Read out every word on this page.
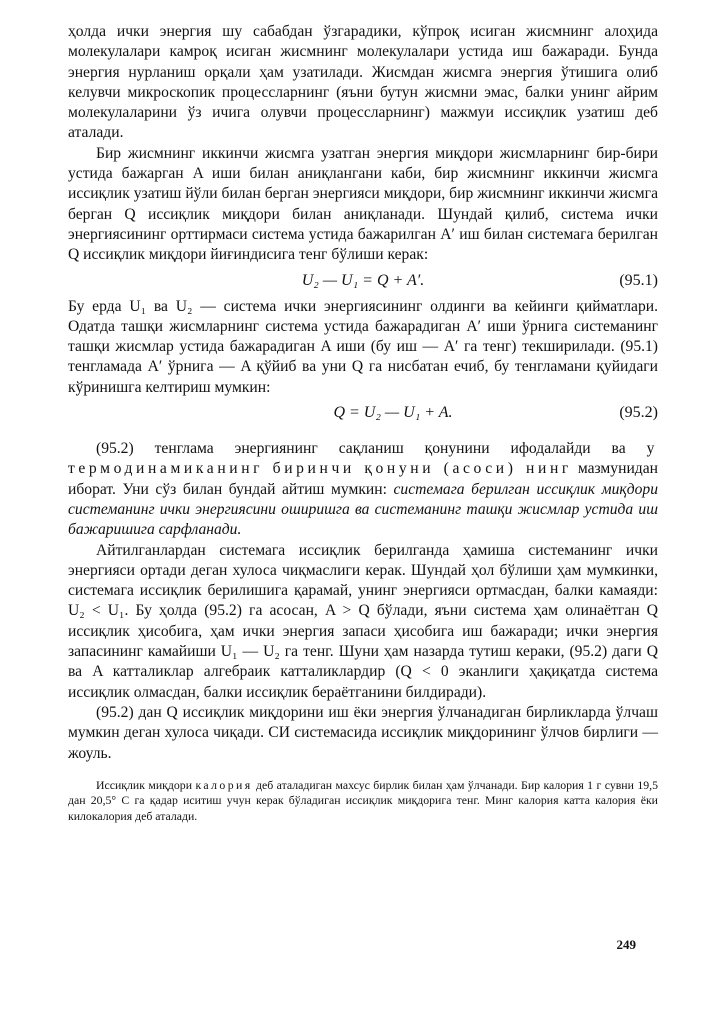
ҳолда ички энергия шу сабабдан ўзгарадики, кўпроқ исиган жисмнинг алоҳида молекулалари камроқ исиган жисмнинг молекулалари устида иш бажаради. Бунда энергия нурланиш орқали ҳам узатилади. Жисмдан жисмга энергия ўтишига олиб келувчи микроскопик процессларнинг (яъни бутун жисмни эмас, балки унинг айрим молекулаларини ўз ичига олувчи процессларнинг) мажмуи иссиқлик узатиш деб аталади.

Бир жисмнинг иккинчи жисмга узатган энергия миқдори жисмларнинг бир-бири устида бажарган A иши билан аниқлангани каби, бир жисмнинг иккинчи жисмга иссиқлик узатиш йўли билан берган энергияси миқдори, бир жисмнинг иккинчи жисмга берган Q иссиқлик миқдори билан аниқланади. Шундай қилиб, система ички энергиясининг орттирмаси система устида бажарилган A′ иш билан системага берилган Q иссиқлик миқдори йиғиндисига тенг бўлиши керак:

U₂ — U₁ = Q + A′.	(95.1)

Бу ерда U₁ ва U₂ — система ички энергиясининг олдинги ва кейинги қийматлари. Одатда ташқи жисмларнинг система устида бажарадиган A′ иши ўрнига системанинг ташқи жисмлар устида бажарадиган A иши (бу иш — A′ га тенг) текширилади. (95.1) тенгламада A′ ўрнига — A қўйиб ва уни Q га нисбатан ечиб, бу тенгламани қуйидаги кўринишга келтириш мумкин:

Q = U₂ — U₁ + A.	(95.2)

(95.2) тенглама энергиянинг сақланиш қонунини ифодалайди ва у термодинамиканинг биринчи қонуни (асоси) нинг мазмунидан иборат. Уни сўз билан бундай айтиш мумкин: системага берилган иссиқлик миқдори системанинг ички энергиясини оширишга ва системанинг ташқи жисмлар устида иш бажаришига сарфланади.

Айтилганлардан системага иссиқлик берилганда ҳамиша системанинг ички энергияси ортади деган хулоса чиқмаслиги керак. Шундай ҳол бўлиши ҳам мумкинки, системага иссиқлик берилишига қарамай, унинг энергияси ортмасдан, балки камаяди: U₂ < U₁. Бу ҳолда (95.2) га асосан, A > Q бўлади, яъни система ҳам олинаётган Q иссиқлик ҳисобига, ҳам ички энергия запаси ҳисобига иш бажаради; ички энергия запасининг камайиши U₁ — U₂ га тенг. Шуни ҳам назарда тутиш кераки, (95.2) даги Q ва A катталиклар алгебраик катталиклардир (Q < 0 эканлиги ҳақиқатда система иссиқлик олмасдан, балки иссиқлик бераётганини билдиради).

(95.2) дан Q иссиқлик миқдорини иш ёки энергия ўлчанадиган бирликларда ўлчаш мумкин деган хулоса чиқади. СИ системасида иссиқлик миқдорининг ўлчов бирлиги — жоуль.

Иссиқлик миқдори калория деб аталадиган махсус бирлик билан ҳам ўлчанади. Бир калория 1 г сувни 19,5 дан 20,5° С га қадар иситиш учун керак бўладиган иссиқлик миқдорига тенг. Минг калория катта калория ёки килокалория деб аталади.

249
